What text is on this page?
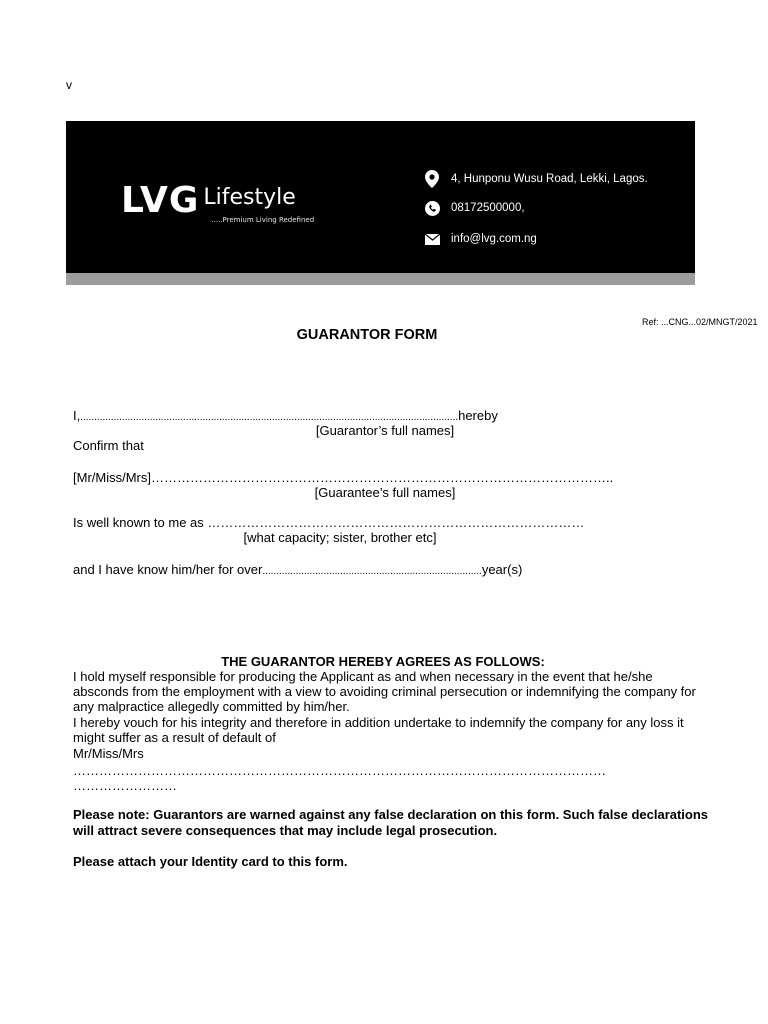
v
LVG Lifestyle
.....Premium Living Redefined
4, Hunponu Wusu Road, Lekki, Lagos.
08172500000,
info@lvg.com.ng
Ref: ...CNG...02/MNGT/2021
GUARANTOR FORM
I,........................................................................................................................................hereby
[Guarantor’s full names]
Confirm that
[Mr/Miss/Mrs]……………………………………………………………………………………………..
[Guarantee’s full names]
Is well known to me as ……………………………………………………………………………
[what capacity; sister, brother etc]
and I have know him/her for over...............................................................................year(s)
THE GUARANTOR HEREBY AGREES AS FOLLOWS:
I hold myself responsible for producing the Applicant as and when necessary in the event that he/she absconds from the employment with a view to avoiding criminal persecution or indemnifying the company for any malpractice allegedly committed by him/her.
I hereby vouch for his integrity and therefore in addition undertake to indemnify the company for any loss it might suffer as a result of default of
Mr/Miss/Mrs
……………………………………………………………………………………………………………
……………………
Please note: Guarantors are warned against any false declaration on this form. Such false declarations will attract severe consequences that may include legal prosecution.
Please attach your Identity card to this form.
